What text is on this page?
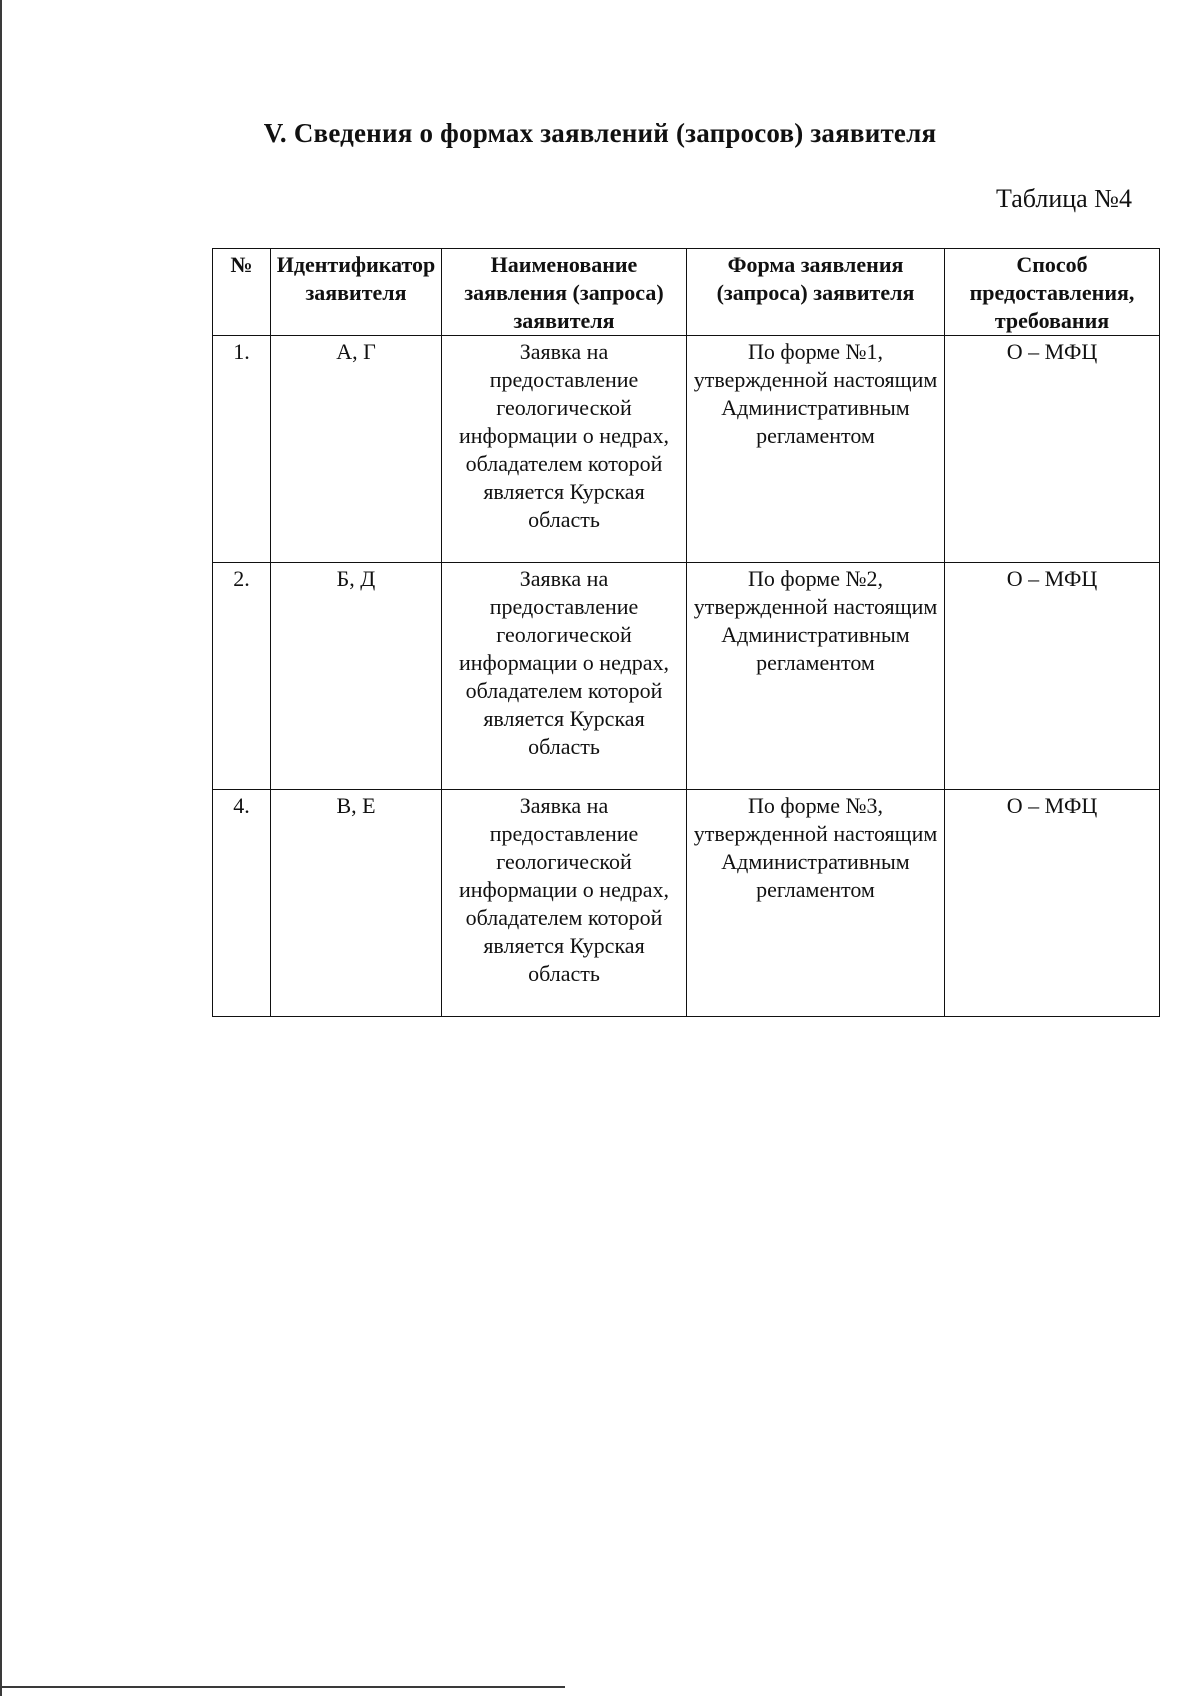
V. Сведения о формах заявлений (запросов) заявителя
Таблица №4
№	Идентификатор заявителя	Наименование заявления (запроса) заявителя	Форма заявления (запроса) заявителя	Способ предоставления, требования
1.	А, Г	Заявка на предоставление геологической информации о недрах, обладателем которой является Курская область	По форме №1, утвержденной настоящим Административным регламентом	О – МФЦ
2.	Б, Д	Заявка на предоставление геологической информации о недрах, обладателем которой является Курская область	По форме №2, утвержденной настоящим Административным регламентом	О – МФЦ
4.	В, Е	Заявка на предоставление геологической информации о недрах, обладателем которой является Курская область	По форме №3, утвержденной настоящим Административным регламентом	О – МФЦ
